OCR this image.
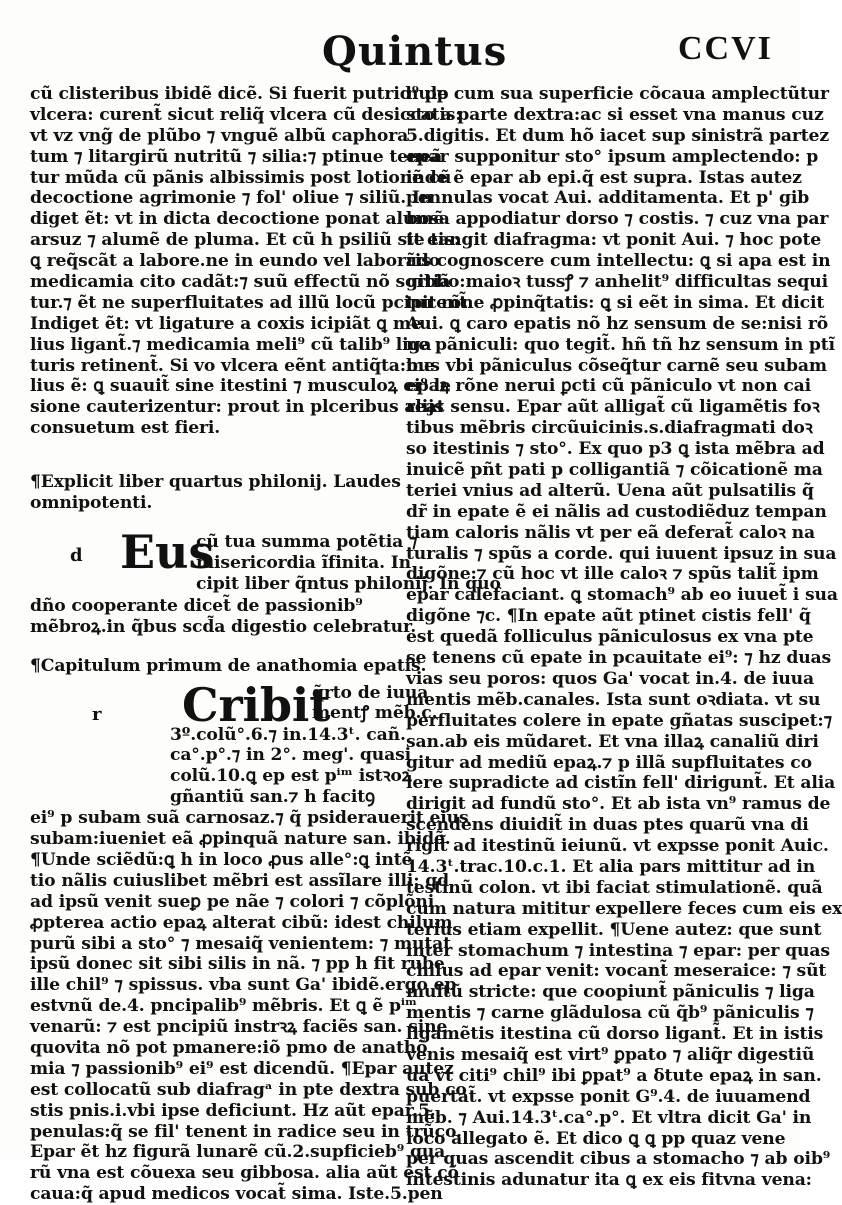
Quintus	CCVI
cũ clisteribus ibidẽ dicẽ. Si fuerit putrid⁹ pp
vlcera: curent̃ sicut reliq̃ vlcera cũ desiccatis:
vt vz vng̃ de plũbo ⁊ vnguẽ albũ caphora
tum ⁊ litargirũ nutritũ ⁊ silia:⁊ ptinue teneã
tur mũda cũ pãnis albissimis post lotionẽ cũ
decoctione agrimonie ⁊ fol' oliue ⁊ siliũ. In
diget ẽt: vt in dicta decoctione ponat alumẽ
arsuz ⁊ alumẽ de pluma. Et cũ h psiliũ sit eis:
ꝗ req̃scãt a labore.ne in eundo vel laborãdo
medicamia cito cadãt:⁊ suũ effectũ nõ sortiã
tur.⁊ ẽt ne superfluitates ad illũ locũ pcipitent̃
Indiget ẽt: vt ligature a coxis icipiãt ꝗ me
lius ligant̃.⁊ medicamia meli⁹ cũ talib⁹ liga
turis retinent̃. Si vo vlcera eẽnt antiq̃ta:me
lius ẽ: ꝗ suauit̃ sine itestini ⁊ musculoꝝ ei⁹ le
sione cauterizentur: prout in plceribus alijs
consuetum est fieri.
¶Explicit liber quartus philonij. Laudes
omnipotenti.
d Eus
cũ tua summa potẽtia ⁊
misericordia ĩfinita. In
cipit liber q̃ntus philonij. In quo
dño cooperante dicet̃ de passionib⁹
mẽbroꝝ.in q̃bus scd̃a digestio celebratur.
¶Capitulum primum de anathomia epatis.
r Cribit
q̃rto de iuua
mentꝭ mẽb.c.
3º.colũ°.6.⁊ in.14.3ᵗ. cañ.
ca°.p°.⁊ in 2°. meg'. quasi
colũ.10.ꝗ ep est pⁱᵐ istꝛoꝝ
gñantiũ san.⁊ h facitꝯ
ei⁹ p subam suã carnosaz.⁊ q̃ psiderauerit eius
subam:iueniet eã ꝓpinquã nature san. ibidẽ.
¶Unde sciẽdũ:ꝗ h in loco ꝓus alle°:ꝗ intẽ
tio nãlis cuiuslibet mẽbri est assĩlare illi: qd
ad ipsũ venit sueꝑ pe nãe ⁊ colori ⁊ cõplõni
ꝓpterea actio epaꝝ alterat cibũ: idest chilum
purũ sibi a sto° ⁊ mesaiq̃ venientem: ⁊ mutat
ipsũ donec sit sibi silis in nã. ⁊ pp h fit rube
ille chil⁹ ⁊ spissus. vba sunt Ga' ibidẽ.ergo ep
estvnũ de.4. pncipalib⁹ mẽbris. Et ꝗ ẽ pⁱᵐ
venarũ: ⁊ est pncipiũ instrꝛꝝ faciẽs san. sine
quovita nõ pot pmanere:iõ pmo de anathõ
mia ⁊ passionib⁹ ei⁹ est dicendũ. ¶Epar autez
est collocatũ sub diafragᵃ in pte dextra sub co
stis pnis.i.vbi ipse deficiunt. Hz aũt epar.5.
penulas:q̃ se fil' tenent in radice seu in trũco.
Epar ẽt hz figurã lunarẽ cũ.2.supficieb⁹ qua
rũ vna est cõuexa seu gibbosa. alia aũt est cõ
caua:q̃ apud medicos vocat̃ sima. Iste.5.pen
nule cum sua superficie cõcaua amplectũtur
sto a parte dextra:ac si esset vna manus cuz
5.digitis. Et dum hõ iacet sup sinistrã partez
epar supponitur sto° ipsum amplectendo: p
inde ẽ epar ab epi.q̃ est supra. Istas autez
pennulas vocat Aui. additamenta. Et p' gib
bosa appodiatur dorso ⁊ costis. ⁊ cuz vna par
te tangit diafragma: vt ponit Aui. ⁊ hoc pote
ris cognoscere cum intellectu: ꝗ si apa est in
gibbo:maioꝛ tussꝭ ⁊ anhelit⁹ difficultas sequi
tur rõne ꝓpinq̃tatis: ꝗ si eẽt in sima. Et dicit
Aui. ꝗ caro epatis nõ hz sensum de se:nisi rõ
ne pãniculi: quo tegit̃. hñ tñ hz sensum in ptĩ
bus vbi pãniculus cõseq̃tur carnẽ seu subam
epaꝝ rõne nerui ꝑcti cũ pãniculo vt non cai
reat sensu. Epar aũt alligat̃ cũ ligamẽtis foꝛ
tibus mẽbris circũuicinis.s.diafragmati doꝛ
so itestinis ⁊ sto°. Ex quo p3 ꝗ ista mẽbra ad
inuicẽ pñt pati p colligantiã ⁊ cõicationẽ ma
teriei vnius ad alterũ. Uena aũt pulsatilis q̃
dr̃ in epate ẽ ei nãlis ad custodiẽduz tempan
tiam caloris nãlis vt per eã deferat̃ caloꝛ na
turalis ⁊ spũs a corde. qui iuuent ipsuz in sua
digõne:⁊ cũ hoc vt ille caloꝛ ⁊ spũs talit̃ ipm
epar calefaciant. ꝗ stomach⁹ ab eo iuuet̃ i sua
digõne ⁊c. ¶In epate aũt ptinet cistis fell' q̃
est quedã folliculus pãniculosus ex vna pte
se tenens cũ epate in pcauitate ei⁹: ⁊ hz duas
vias seu poros: quos Ga' vocat in.4. de iuua
mentis mẽb.canales. Ista sunt oꝛdiata. vt su
perfluitates colere in epate gñatas suscipet:⁊
san.ab eis mũdaret. Et vna illaꝝ canaliũ diri
gitur ad mediũ epaꝝ.⁊ p illã supfluitates co
lere supradicte ad cistĩn fell' dirigunt̃. Et alia
dirigit ad fundũ sto°. Et ab ista vn⁹ ramus de
scendens diuidit̃ in duas ptes quarũ vna di
rigit̃ ad itestinũ ieiunũ. vt expsse ponit Auic.
14.3ᵗ.trac.10.c.1. Et alia pars mittitur ad in
testinũ colon. vt ibi faciat stimulationẽ. quã
cum natura mititur expellere feces cum eis ex
terius etiam expellit. ¶Uene autez: que sunt
inter stomachum ⁊ intestina ⁊ epar: per quas
chilus ad epar venit: vocant̃ meseraice: ⁊ sũt
multũ stricte: que coopiunt̃ pãniculis ⁊ liga
mentis ⁊ carne glãdulosa cũ q̃b⁹ pãniculis ⁊
ligamẽtis itestina cũ dorso ligant̃. Et in istis
venis mesaiq̃ est virt⁹ ꝑpato ⁊ aliq̃r digestiũ
ua vt citi⁹ chil⁹ ibi ꝑpat⁹ a ẟtute epaꝝ in san.
puertat̃. vt expsse ponit G⁹.4. de iuuamend
mẽb. ⁊ Aui.14.3ᵗ.ca°.p°. Et vltra dicit Ga' in
loco allegato ẽ. Et dico ꝗ ꝗ pp quaz vene
per quas ascendit cibus a stomacho ⁊ ab oib⁹
intestinis adunatur ita ꝗ ex eis fitvna vena:
